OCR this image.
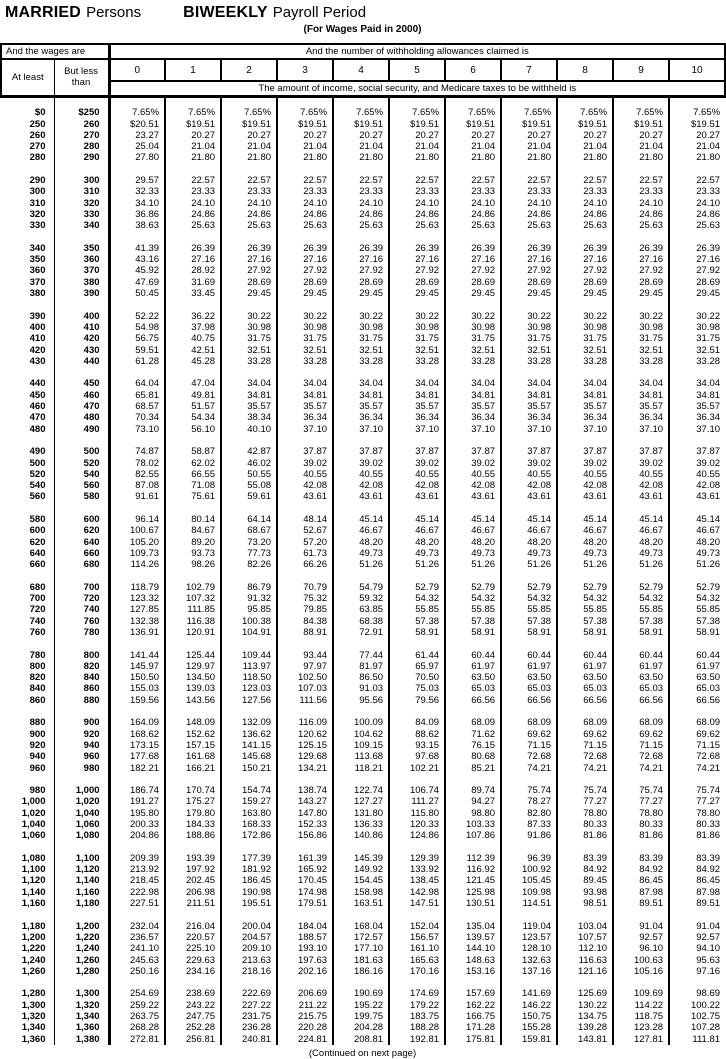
MARRIED Persons	BIWEEKLY Payroll Period
(For Wages Paid in 2000)
And the wages are		And the number of withholding allowances claimed is										
At least	But less than	0	1	2	3	4	5	6	7	8	9	10
		The amount of income, social security, and Medicare taxes to be withheld is										

$0	$250	7.65%	7.65%	7.65%	7.65%	7.65%	7.65%	7.65%	7.65%	7.65%	7.65%	7.65%
250	260	$20.51	$19.51	$19.51	$19.51	$19.51	$19.51	$19.51	$19.51	$19.51	$19.51	$19.51
260	270	23.27	20.27	20.27	20.27	20.27	20.27	20.27	20.27	20.27	20.27	20.27
270	280	25.04	21.04	21.04	21.04	21.04	21.04	21.04	21.04	21.04	21.04	21.04
280	290	27.80	21.80	21.80	21.80	21.80	21.80	21.80	21.80	21.80	21.80	21.80

290	300	29.57	22.57	22.57	22.57	22.57	22.57	22.57	22.57	22.57	22.57	22.57
300	310	32.33	23.33	23.33	23.33	23.33	23.33	23.33	23.33	23.33	23.33	23.33
310	320	34.10	24.10	24.10	24.10	24.10	24.10	24.10	24.10	24.10	24.10	24.10
320	330	36.86	24.86	24.86	24.86	24.86	24.86	24.86	24.86	24.86	24.86	24.86
330	340	38.63	25.63	25.63	25.63	25.63	25.63	25.63	25.63	25.63	25.63	25.63

340	350	41.39	26.39	26.39	26.39	26.39	26.39	26.39	26.39	26.39	26.39	26.39
350	360	43.16	27.16	27.16	27.16	27.16	27.16	27.16	27.16	27.16	27.16	27.16
360	370	45.92	28.92	27.92	27.92	27.92	27.92	27.92	27.92	27.92	27.92	27.92
370	380	47.69	31.69	28.69	28.69	28.69	28.69	28.69	28.69	28.69	28.69	28.69
380	390	50.45	33.45	29.45	29.45	29.45	29.45	29.45	29.45	29.45	29.45	29.45

390	400	52.22	36.22	30.22	30.22	30.22	30.22	30.22	30.22	30.22	30.22	30.22
400	410	54.98	37.98	30.98	30.98	30.98	30.98	30.98	30.98	30.98	30.98	30.98
410	420	56.75	40.75	31.75	31.75	31.75	31.75	31.75	31.75	31.75	31.75	31.75
420	430	59.51	42.51	32.51	32.51	32.51	32.51	32.51	32.51	32.51	32.51	32.51
430	440	61.28	45.28	33.28	33.28	33.28	33.28	33.28	33.28	33.28	33.28	33.28

440	450	64.04	47.04	34.04	34.04	34.04	34.04	34.04	34.04	34.04	34.04	34.04
450	460	65.81	49.81	34.81	34.81	34.81	34.81	34.81	34.81	34.81	34.81	34.81
460	470	68.57	51.57	35.57	35.57	35.57	35.57	35.57	35.57	35.57	35.57	35.57
470	480	70.34	54.34	38.34	36.34	36.34	36.34	36.34	36.34	36.34	36.34	36.34
480	490	73.10	56.10	40.10	37.10	37.10	37.10	37.10	37.10	37.10	37.10	37.10

490	500	74.87	58.87	42.87	37.87	37.87	37.87	37.87	37.87	37.87	37.87	37.87
500	520	78.02	62.02	46.02	39.02	39.02	39.02	39.02	39.02	39.02	39.02	39.02
520	540	82.55	66.55	50.55	40.55	40.55	40.55	40.55	40.55	40.55	40.55	40.55
540	560	87.08	71.08	55.08	42.08	42.08	42.08	42.08	42.08	42.08	42.08	42.08
560	580	91.61	75.61	59.61	43.61	43.61	43.61	43.61	43.61	43.61	43.61	43.61

580	600	96.14	80.14	64.14	48.14	45.14	45.14	45.14	45.14	45.14	45.14	45.14
600	620	100.67	84.67	68.67	52.67	46.67	46.67	46.67	46.67	46.67	46.67	46.67
620	640	105.20	89.20	73.20	57.20	48.20	48.20	48.20	48.20	48.20	48.20	48.20
640	660	109.73	93.73	77.73	61.73	49.73	49.73	49.73	49.73	49.73	49.73	49.73
660	680	114.26	98.26	82.26	66.26	51.26	51.26	51.26	51.26	51.26	51.26	51.26

680	700	118.79	102.79	86.79	70.79	54.79	52.79	52.79	52.79	52.79	52.79	52.79
700	720	123.32	107.32	91.32	75.32	59.32	54.32	54.32	54.32	54.32	54.32	54.32
720	740	127.85	111.85	95.85	79.85	63.85	55.85	55.85	55.85	55.85	55.85	55.85
740	760	132.38	116.38	100.38	84.38	68.38	57.38	57.38	57.38	57.38	57.38	57.38
760	780	136.91	120.91	104.91	88.91	72.91	58.91	58.91	58.91	58.91	58.91	58.91

780	800	141.44	125.44	109.44	93.44	77.44	61.44	60.44	60.44	60.44	60.44	60.44
800	820	145.97	129.97	113.97	97.97	81.97	65.97	61.97	61.97	61.97	61.97	61.97
820	840	150.50	134.50	118.50	102.50	86.50	70.50	63.50	63.50	63.50	63.50	63.50
840	860	155.03	139.03	123.03	107.03	91.03	75.03	65.03	65.03	65.03	65.03	65.03
860	880	159.56	143.56	127.56	111.56	95.56	79.56	66.56	66.56	66.56	66.56	66.56

880	900	164.09	148.09	132.09	116.09	100.09	84.09	68.09	68.09	68.09	68.09	68.09
900	920	168.62	152.62	136.62	120.62	104.62	88.62	71.62	69.62	69.62	69.62	69.62
920	940	173.15	157.15	141.15	125.15	109.15	93.15	76.15	71.15	71.15	71.15	71.15
940	960	177.68	161.68	145.68	129.68	113.68	97.68	80.68	72.68	72.68	72.68	72.68
960	980	182.21	166.21	150.21	134.21	118.21	102.21	85.21	74.21	74.21	74.21	74.21

980	1,000	186.74	170.74	154.74	138.74	122.74	106.74	89.74	75.74	75.74	75.74	75.74
1,000	1,020	191.27	175.27	159.27	143.27	127.27	111.27	94.27	78.27	77.27	77.27	77.27
1,020	1,040	195.80	179.80	163.80	147.80	131.80	115.80	98.80	82.80	78.80	78.80	78.80
1,040	1,060	200.33	184.33	168.33	152.33	136.33	120.33	103.33	87.33	80.33	80.33	80.33
1,060	1,080	204.86	188.86	172.86	156.86	140.86	124.86	107.86	91.86	81.86	81.86	81.86

1,080	1,100	209.39	193.39	177.39	161.39	145.39	129.39	112.39	96.39	83.39	83.39	83.39
1,100	1,120	213.92	197.92	181.92	165.92	149.92	133.92	116.92	100.92	84.92	84.92	84.92
1,120	1,140	218.45	202.45	186.45	170.45	154.45	138.45	121.45	105.45	89.45	86.45	86.45
1,140	1,160	222.98	206.98	190.98	174.98	158.98	142.98	125.98	109.98	93.98	87.98	87.98
1,160	1,180	227.51	211.51	195.51	179.51	163.51	147.51	130.51	114.51	98.51	89.51	89.51

1,180	1,200	232.04	216.04	200.04	184.04	168.04	152.04	135.04	119.04	103.04	91.04	91.04
1,200	1,220	236.57	220.57	204.57	188.57	172.57	156.57	139.57	123.57	107.57	92.57	92.57
1,220	1,240	241.10	225.10	209.10	193.10	177.10	161.10	144.10	128.10	112.10	96.10	94.10
1,240	1,260	245.63	229.63	213.63	197.63	181.63	165.63	148.63	132.63	116.63	100.63	95.63
1,260	1,280	250.16	234.16	218.16	202.16	186.16	170.16	153.16	137.16	121.16	105.16	97.16

1,280	1,300	254.69	238.69	222.69	206.69	190.69	174.69	157.69	141.69	125.69	109.69	98.69
1,300	1,320	259.22	243.22	227.22	211.22	195.22	179.22	162.22	146.22	130.22	114.22	100.22
1,320	1,340	263.75	247.75	231.75	215.75	199.75	183.75	166.75	150.75	134.75	118.75	102.75
1,340	1,360	268.28	252.28	236.28	220.28	204.28	188.28	171.28	155.28	139.28	123.28	107.28
1,360	1,380	272.81	256.81	240.81	224.81	208.81	192.81	175.81	159.81	143.81	127.81	111.81
(Continued on next page)
